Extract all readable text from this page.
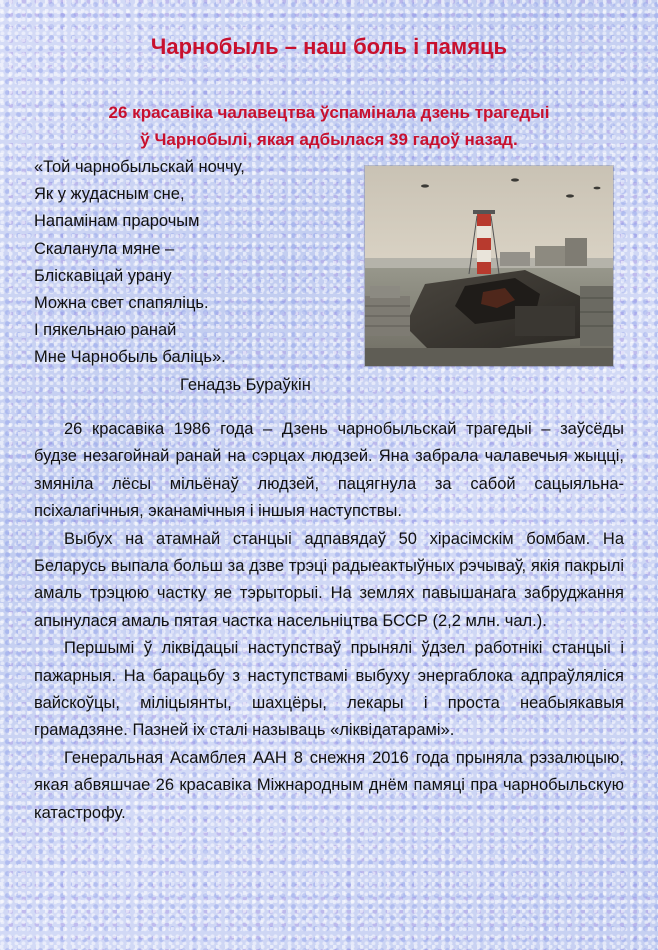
Чарнобыль – наш боль і памяць
26 красавіка чалавецтва ўспамінала дзень трагедыі
ў Чарнобылі, якая адбылася 39 гадоў назад.
«Той чарнобыльскай ноччу,
Як у жудасным сне,
Напамінам прарочым
Скаланула мяне –
Бліскавіцай урану
Можна свет спапяліць.
І пякельнаю ранай
Мне Чарнобыль баліць».
Генадзь Бураўкін

26 красавіка 1986 года – Дзень чарнобыльскай трагедыі – заўсёды будзе незагойнай ранай на сэрцах людзей. Яна забрала чалавечыя жыцці, змяніла лёсы мільёнаў людзей, пацягнула за сабой сацыяльна-псіхалагічныя, эканамічныя і іншыя наступствы.

Выбух на атамнай станцыі адпавядаў 50 хірасімскім бомбам. На Беларусь выпала больш за дзве трэці радыеактыўных рэчываў, якія пакрылі амаль трэцюю частку яе тэрыторыі. На землях павышанага забруджання апынулася амаль пятая частка насельніцтва БССР (2,2 млн. чал.).

Першымі ў ліквідацыі наступстваў прынялі ўдзел работнікі станцыі і пажарныя. На барацьбу з наступствамі выбуху энергаблока адпраўляліся вайскоўцы, міліцыянты, шахцёры, лекары і проста неабыякавыя грамадзяне. Пазней іх сталі называць «ліквідатарамі».

Генеральная Асамблея ААН 8 снежня 2016 года прыняла рэзалюцыю, якая абвяшчае 26 красавіка Міжнародным днём памяці пра чарнобыльскую катастрофу.
